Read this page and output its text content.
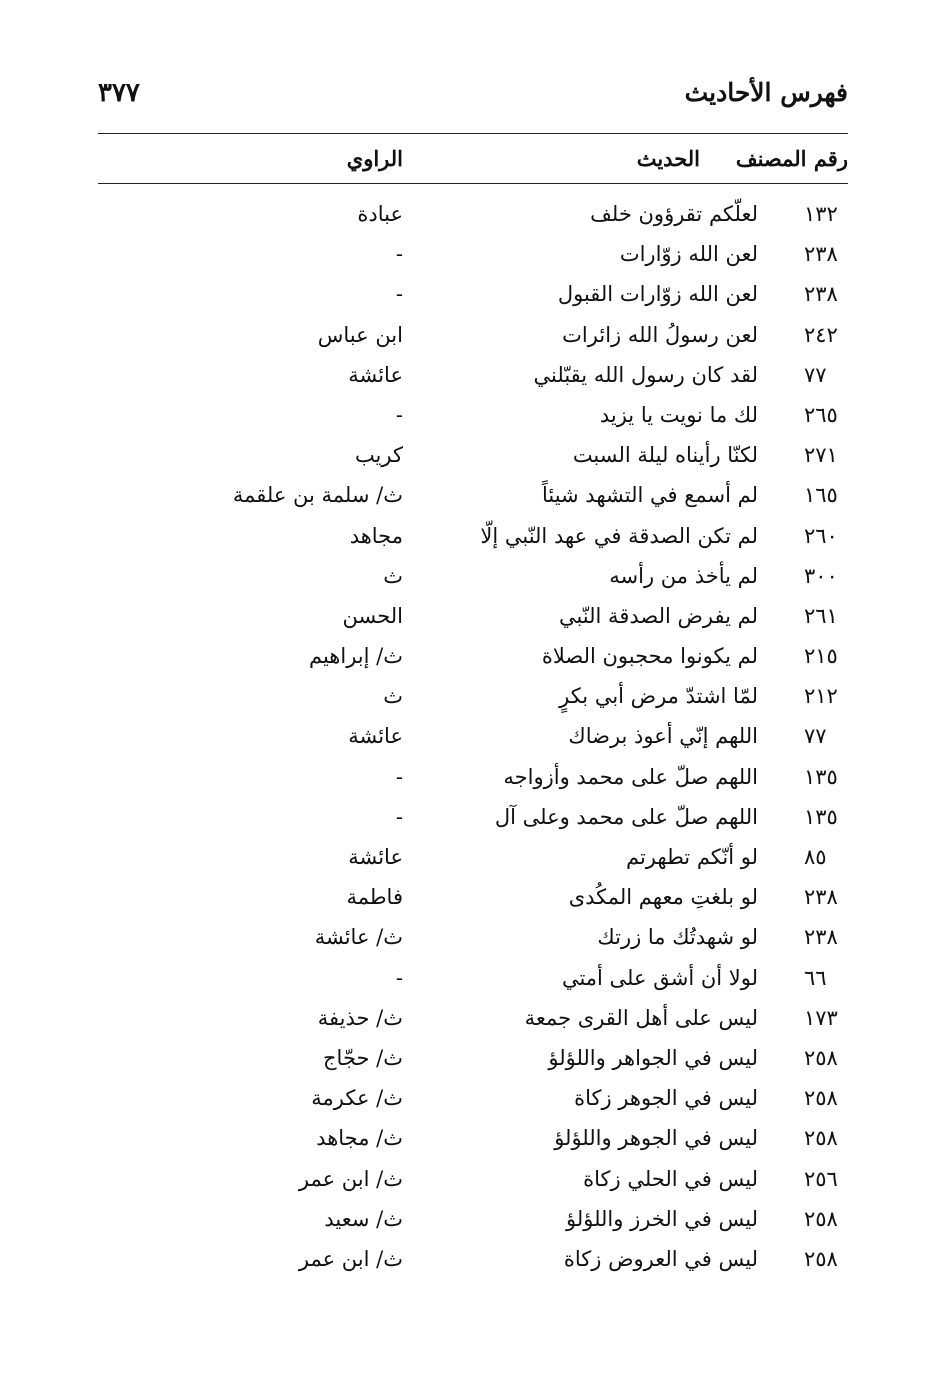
فهرس الأحاديث
٣٧٧
رقم المصنف
الحديث
الراوي
١٣٢
لعلّكم تقرؤون خلف
عبادة
٢٣٨
لعن الله زوّارات
-
٢٣٨
لعن الله زوّارات القبول
-
٢٤٢
لعن رسولُ الله زائرات
ابن عباس
٧٧
لقد كان رسول الله يقبّلني
عائشة
٢٦٥
لك ما نويت يا يزيد
-
٢٧١
لكنّا رأيناه ليلة السبت
كريب
١٦٥
لم أسمع في التشهد شيئاً
ث/ سلمة بن علقمة
٢٦٠
لم تكن الصدقة في عهد النّبي إلّا
مجاهد
٣٠٠
لم يأخذ من رأسه
ث
٢٦١
لم يفرض الصدقة النّبي
الحسن
٢١٥
لم يكونوا محجبون الصلاة
ث/ إبراهيم
٢١٢
لمّا اشتدّ مرض أبي بكرٍ
ث
٧٧
اللهم إنّي أعوذ برضاك
عائشة
١٣٥
اللهم صلّ على محمد وأزواجه
-
١٣٥
اللهم صلّ على محمد وعلى آل
-
٨٥
لو أنّكم تطهرتم
عائشة
٢٣٨
لو بلغتِ معهم المكُدى
فاطمة
٢٣٨
لو شهدتُك ما زرتك
ث/ عائشة
٦٦
لولا أن أشق على أمتي
-
١٧٣
ليس على أهل القرى جمعة
ث/ حذيفة
٢٥٨
ليس في الجواهر واللؤلؤ
ث/ حجّاج
٢٥٨
ليس في الجوهر زكاة
ث/ عكرمة
٢٥٨
ليس في الجوهر واللؤلؤ
ث/ مجاهد
٢٥٦
ليس في الحلي زكاة
ث/ ابن عمر
٢٥٨
ليس في الخرز واللؤلؤ
ث/ سعيد
٢٥٨
ليس في العروض زكاة
ث/ ابن عمر
